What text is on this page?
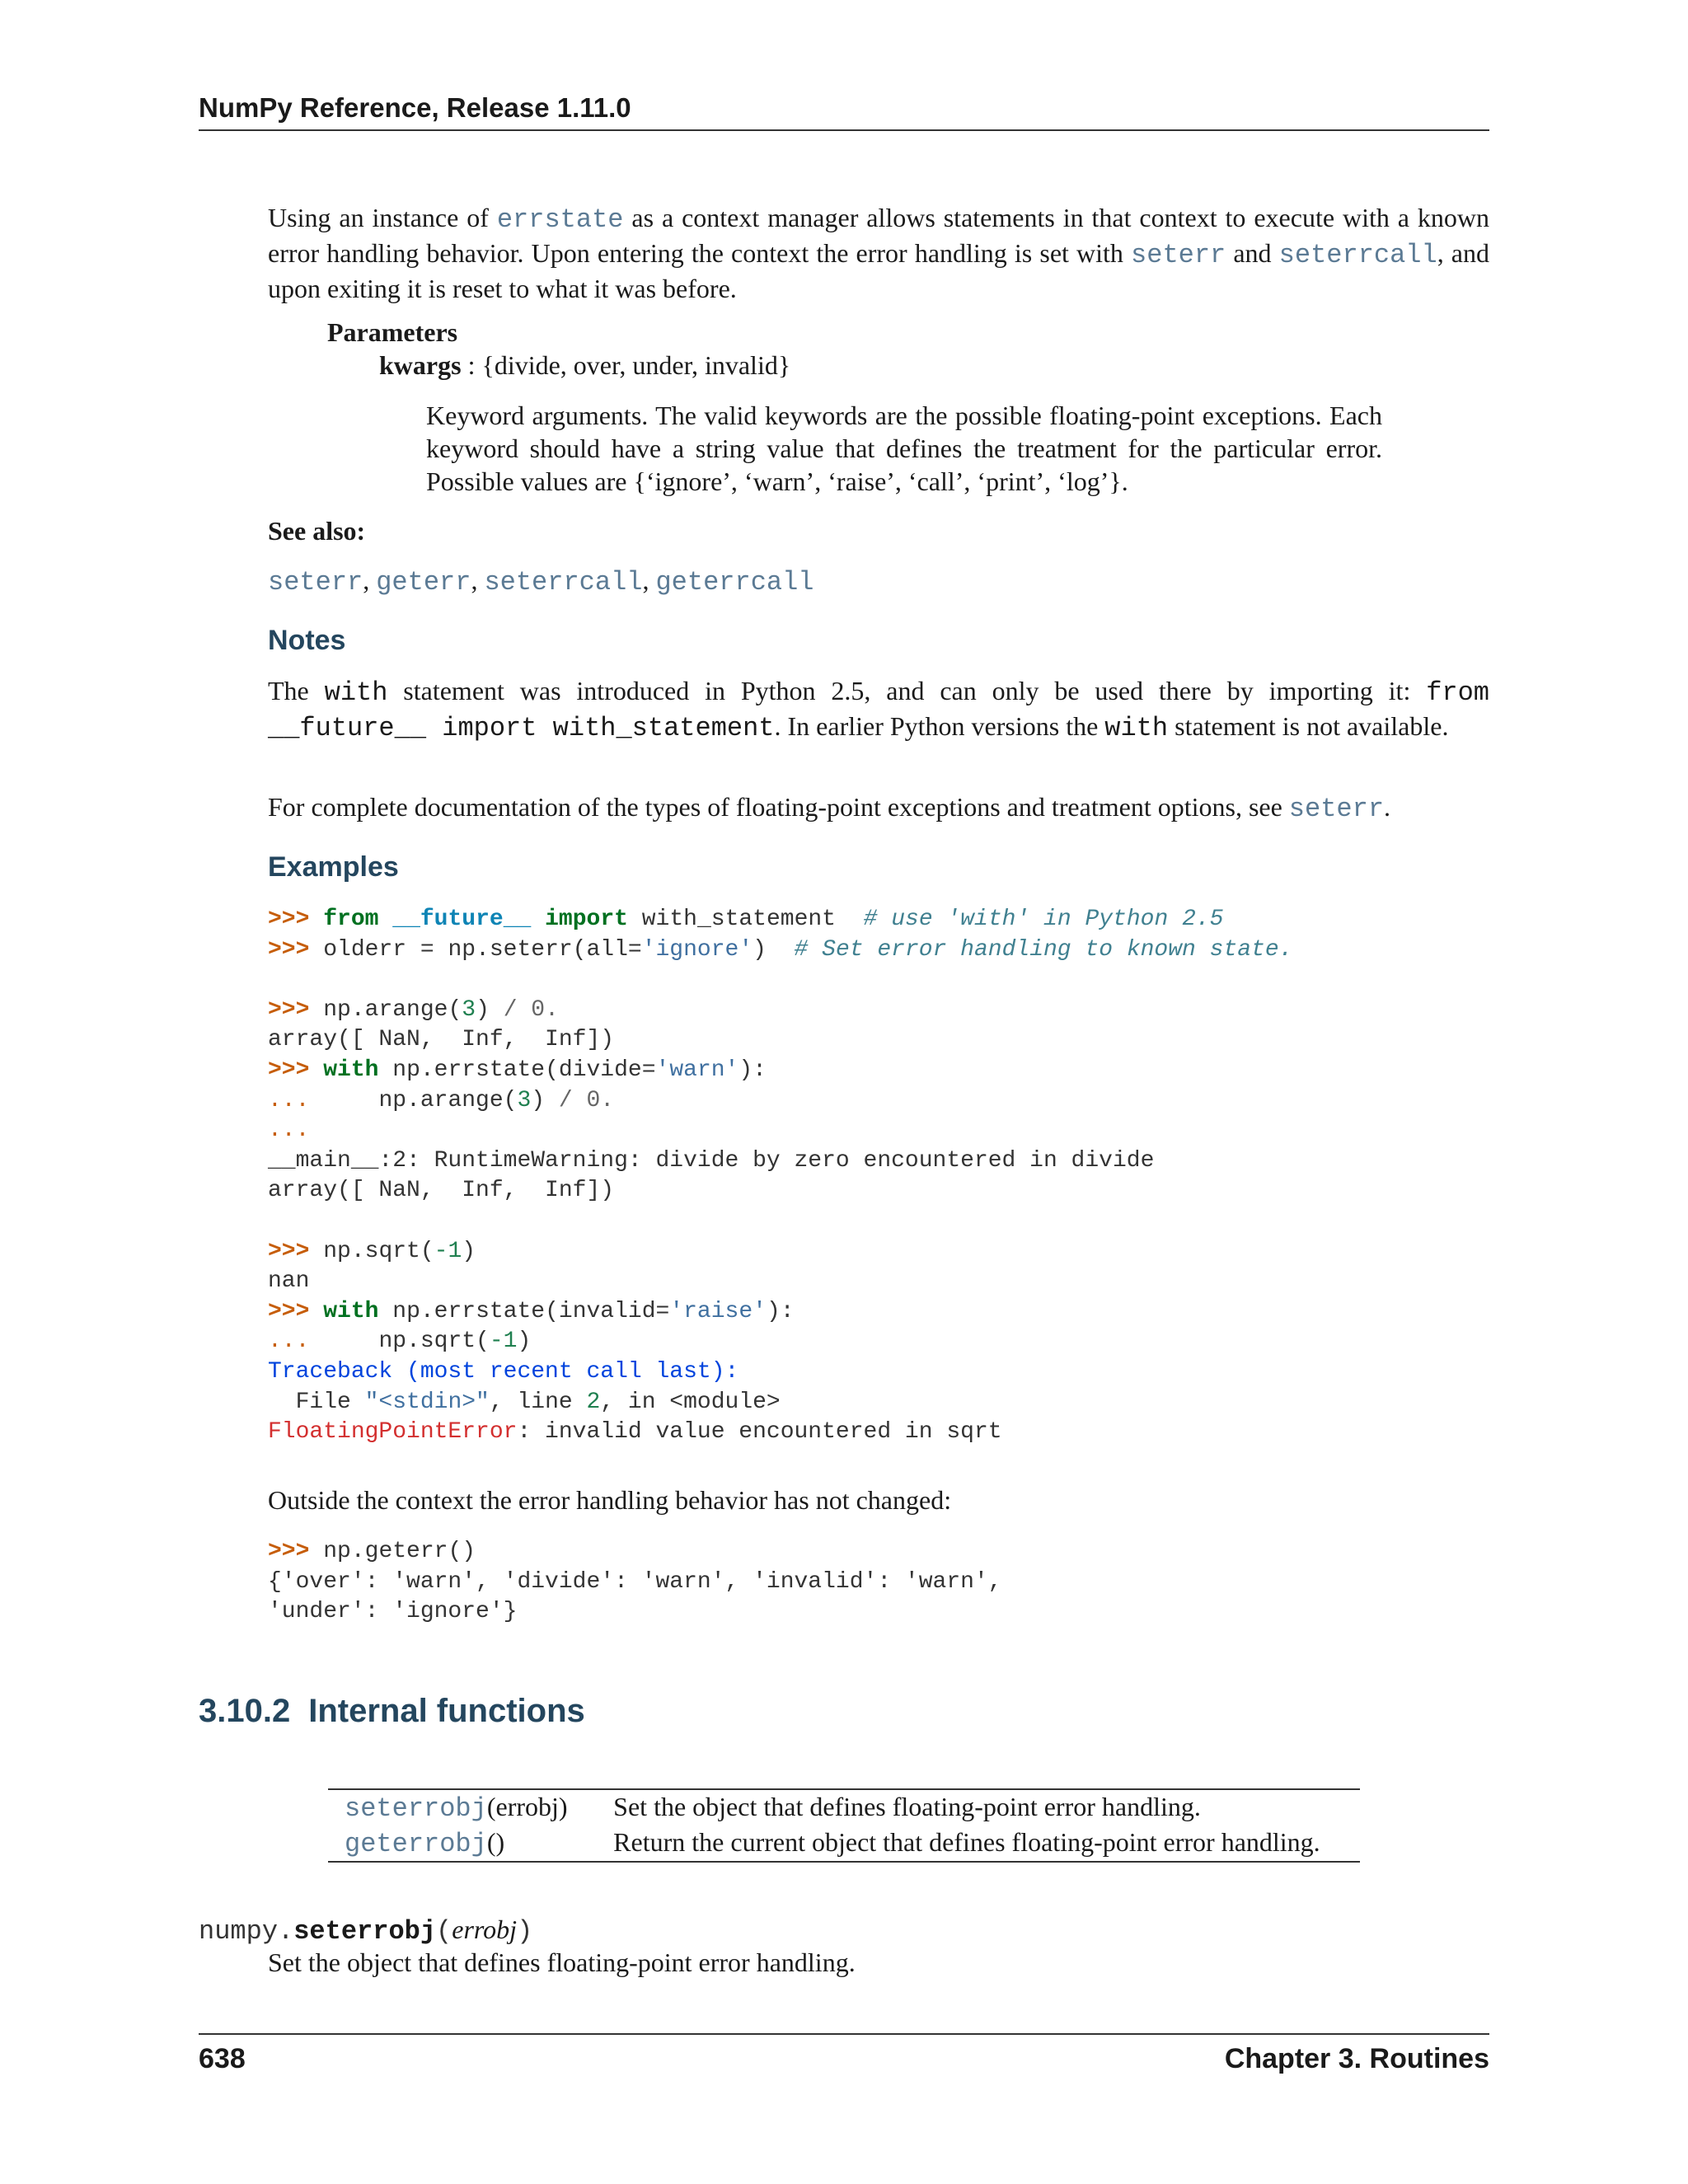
NumPy Reference, Release 1.11.0

Using an instance of errstate as a context manager allows statements in that context to execute with a known error handling behavior. Upon entering the context the error handling is set with seterr and seterrcall, and upon exiting it is reset to what it was before.

Parameters
kwargs : {divide, over, under, invalid}

Keyword arguments. The valid keywords are the possible floating-point exceptions. Each keyword should have a string value that defines the treatment for the particular error. Possible values are {‘ignore’, ‘warn’, ‘raise’, ‘call’, ‘print’, ‘log’}.

See also:
seterr, geterr, seterrcall, geterrcall
Notes

The with statement was introduced in Python 2.5, and can only be used there by importing it: from __future__ import with_statement. In earlier Python versions the with statement is not available.

For complete documentation of the types of floating-point exceptions and treatment options, see seterr.

Examples
>>> from __future__ import with_statement # use 'with' in Python 2.5
>>> olderr = np.seterr(all='ignore') # Set error handling to known state.

>>> np.arange(3) / 0.
array([ NaN,  Inf,  Inf])
>>> with np.errstate(divide='warn'):
...	np.arange(3) / 0.
...
__main__:2: RuntimeWarning: divide by zero encountered in divide
array([ NaN,  Inf,  Inf])

>>> np.sqrt(-1)
nan
>>> with np.errstate(invalid='raise'):
...	np.sqrt(-1)
Traceback (most recent call last):
File "<stdin>", line 2, in <module>
FloatingPointError: invalid value encountered in sqrt
Outside the context the error handling behavior has not changed:
>>> np.geterr()
{'over': 'warn', 'divide': 'warn', 'invalid': 'warn',
'under': 'ignore'}
3.10.2 Internal functions
seterrobj(errobj)	Set the object that defines floating-point error handling.
geterrobj()	Return the current object that defines floating-point error handling.
numpy.seterrobj(errobj)
Set the object that defines floating-point error handling.
638	Chapter 3. Routines
